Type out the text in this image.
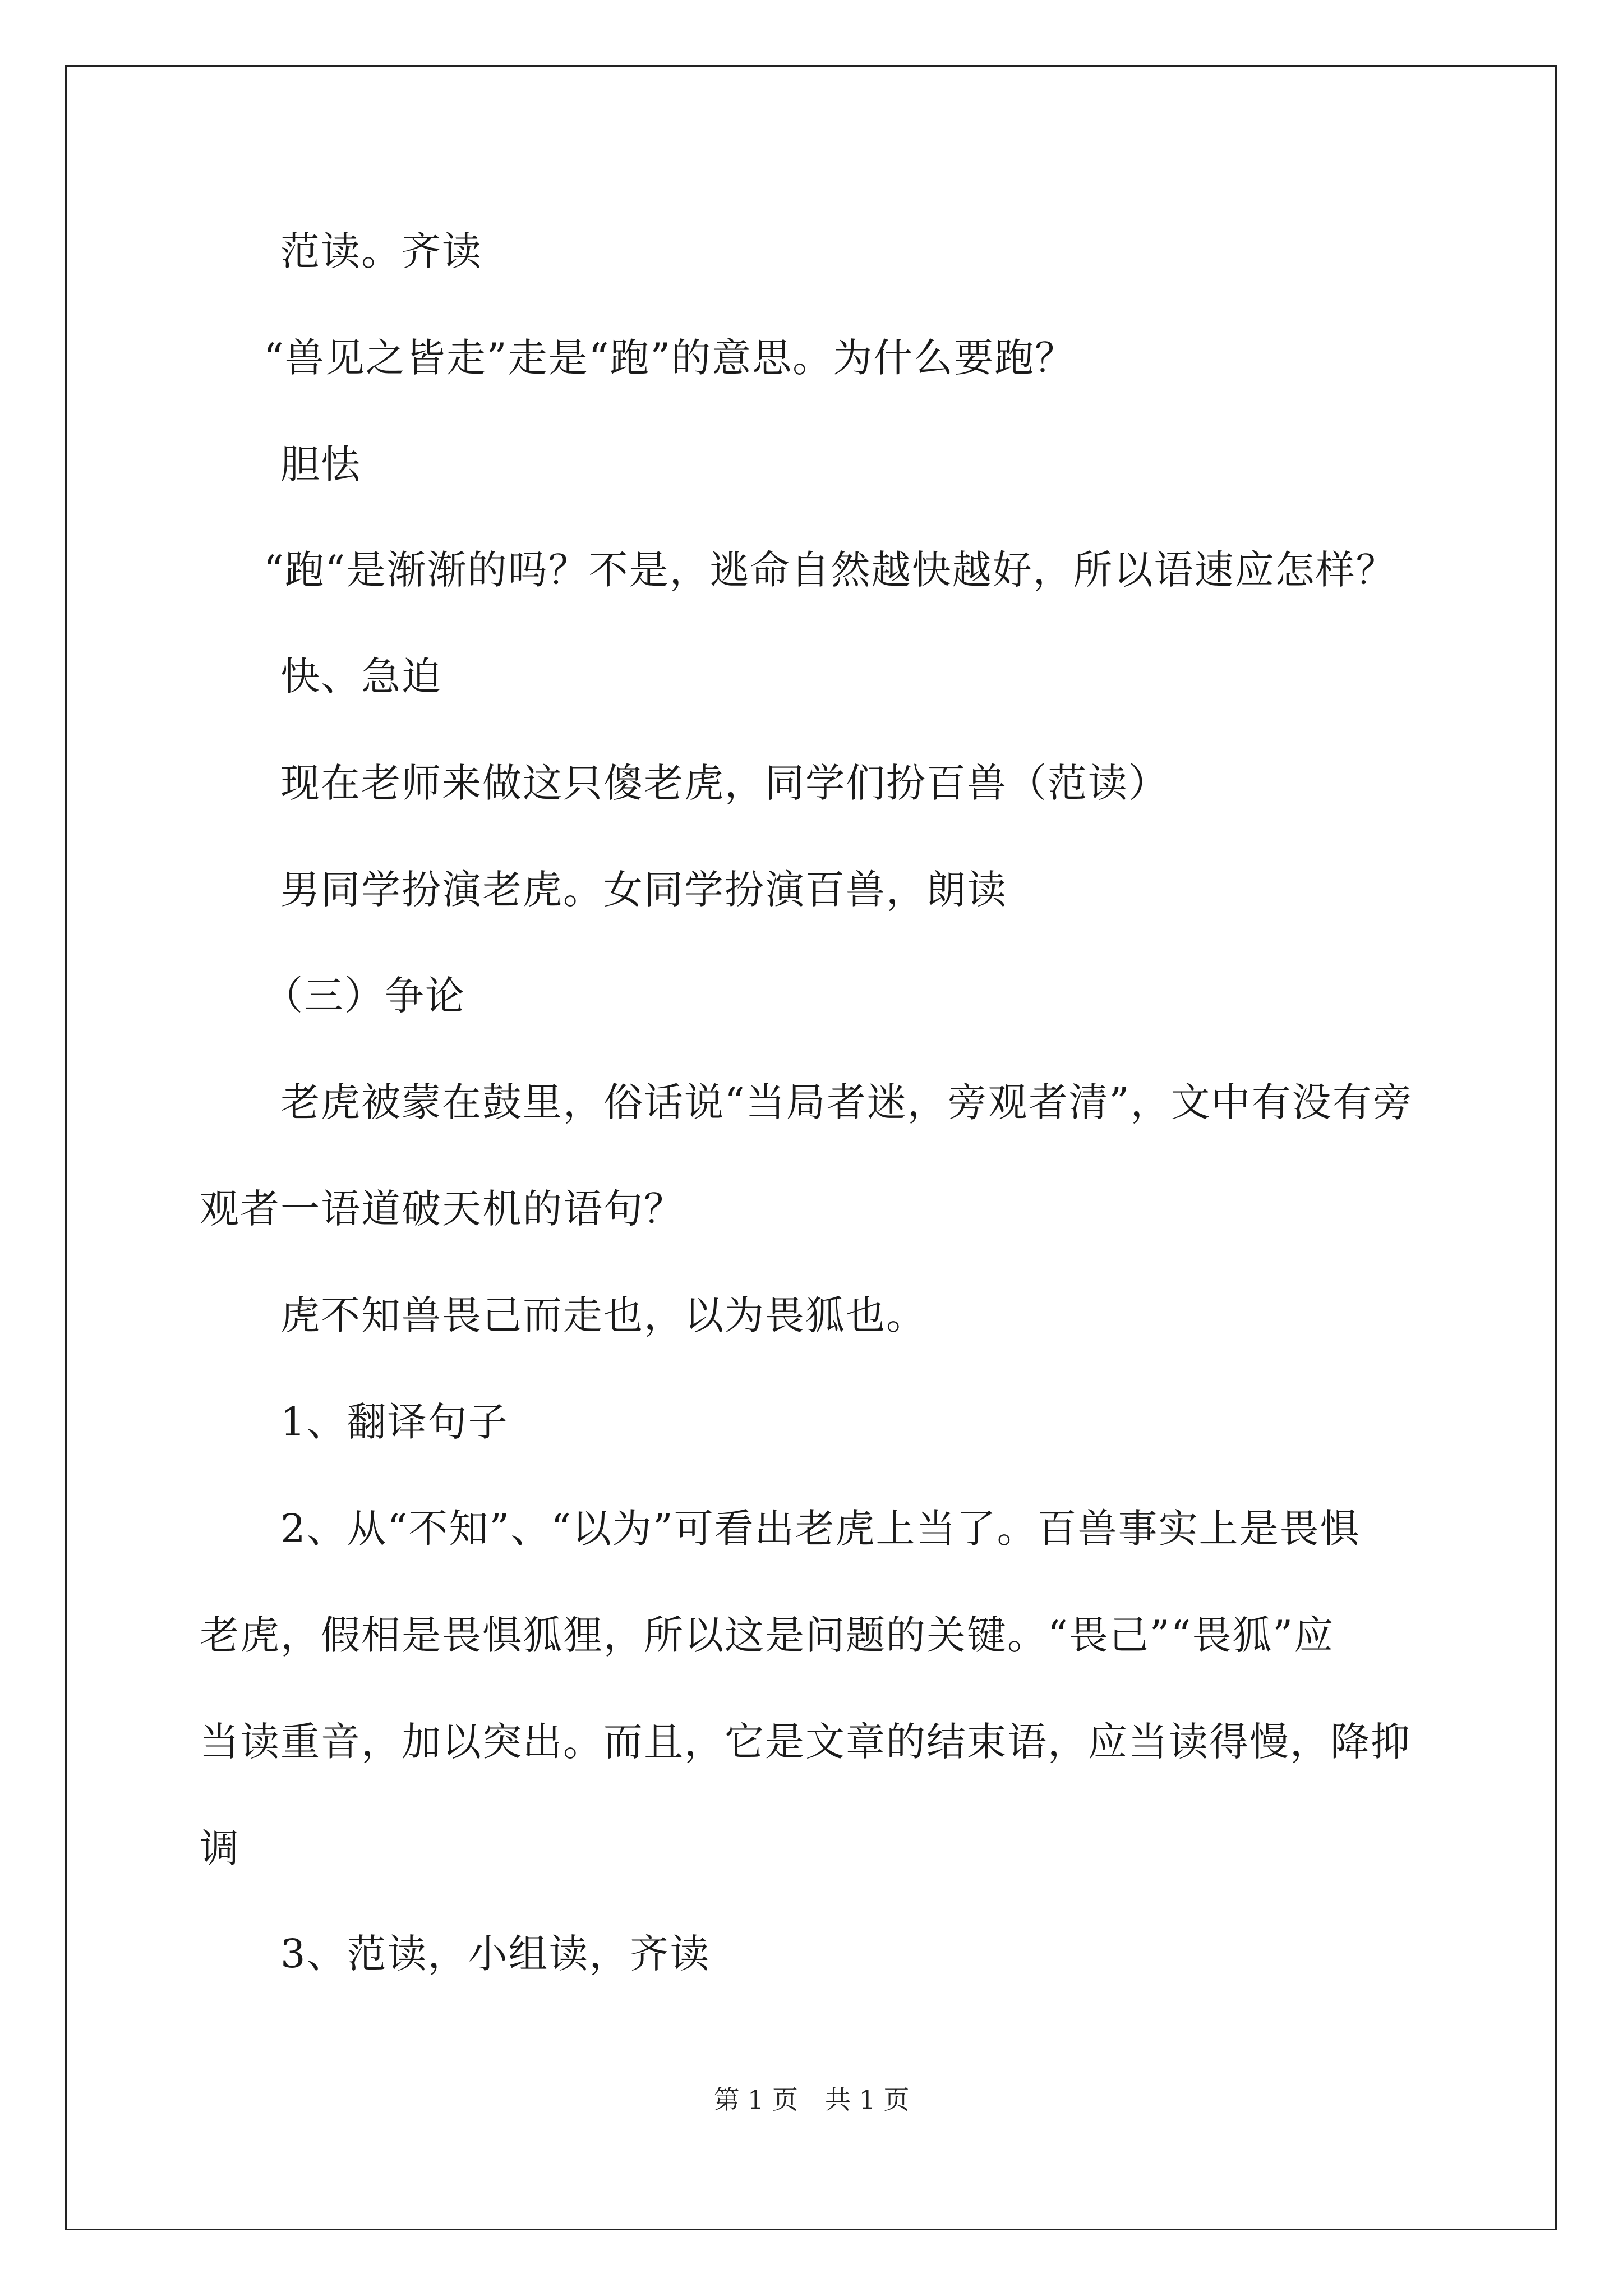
范读。齐读
“兽见之皆走”走是“跑”的意思。为什么要跑？
胆怯
“跑“是渐渐的吗？不是，逃命自然越快越好，所以语速应怎样？
快、急迫
现在老师来做这只傻老虎，同学们扮百兽（范读）
男同学扮演老虎。女同学扮演百兽，朗读
（三）争论
老虎被蒙在鼓里，俗话说“当局者迷，旁观者清”，文中有没有旁
观者一语道破天机的语句？
虎不知兽畏己而走也，以为畏狐也。
1、翻译句子
2、从“不知”、“以为”可看出老虎上当了。百兽事实上是畏惧
老虎，假相是畏惧狐狸，所以这是问题的关键。“畏己”“畏狐”应
当读重音，加以突出。而且，它是文章的结束语，应当读得慢，降抑
调
3、范读，小组读，齐读
第 1 页 共 1 页
